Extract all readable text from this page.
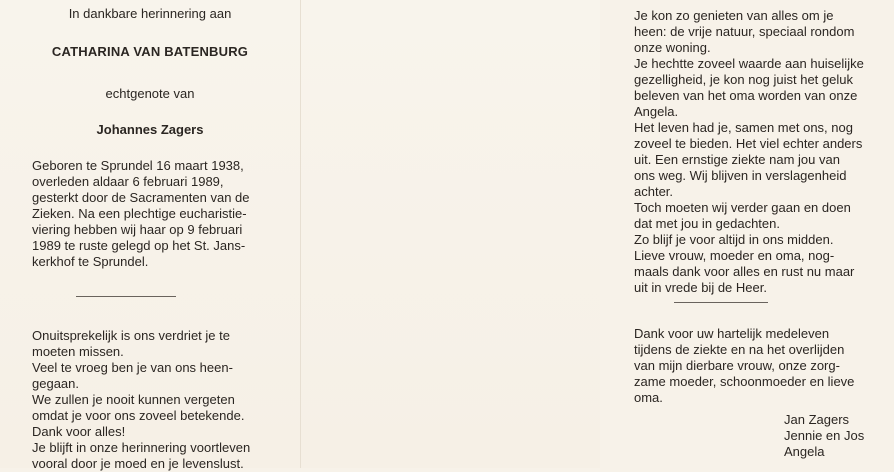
In dankbare herinnering aan
CATHARINA VAN BATENBURG
echtgenote van
Johannes Zagers
Geboren te Sprundel 16 maart 1938,
overleden aldaar 6 februari 1989,
gesterkt door de Sacramenten van de
Zieken. Na een plechtige eucharistie-
viering hebben wij haar op 9 februari
1989 te ruste gelegd op het St. Jans-
kerkhof te Sprundel.
Onuitsprekelijk is ons verdriet je te
moeten missen.
Veel te vroeg ben je van ons heen-
gegaan.
We zullen je nooit kunnen vergeten
omdat je voor ons zoveel betekende.
Dank voor alles!
Je blijft in onze herinnering voortleven
vooral door je moed en je levenslust.
Je kon zo genieten van alles om je
heen: de vrije natuur, speciaal rondom
onze woning.
Je hechtte zoveel waarde aan huiselijke
gezelligheid, je kon nog juist het geluk
beleven van het oma worden van onze
Angela.
Het leven had je, samen met ons, nog
zoveel te bieden. Het viel echter anders
uit. Een ernstige ziekte nam jou van
ons weg. Wij blijven in verslagenheid
achter.
Toch moeten wij verder gaan en doen
dat met jou in gedachten.
Zo blijf je voor altijd in ons midden.
Lieve vrouw, moeder en oma, nog-
maals dank voor alles en rust nu maar
uit in vrede bij de Heer.
Dank voor uw hartelijk medeleven
tijdens de ziekte en na het overlijden
van mijn dierbare vrouw, onze zorg-
zame moeder, schoonmoeder en lieve
oma.
Jan Zagers
Jennie en Jos
Angela
